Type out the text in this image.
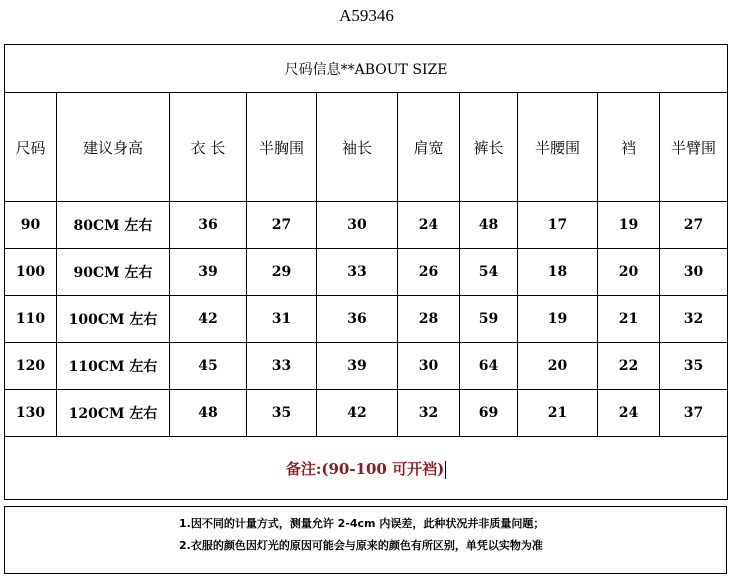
A59346
尺码信息**ABOUT SIZE									
尺码	建议身高	衣 长	半胸围	袖长	肩宽	裤长	半腰围	裆	半臂围
90	80CM 左右	36	27	30	24	48	17	19	27
100	90CM 左右	39	29	33	26	54	18	20	30
110	100CM 左右	42	31	36	28	59	19	21	32
120	110CM 左右	45	33	39	30	64	20	22	35
130	120CM 左右	48	35	42	32	69	21	24	37
备注:(90-100 可开裆)									
1.因不同的计量方式，测量允许 2-4cm 内误差，此种状况并非质量问题；
2.衣服的颜色因灯光的原因可能会与原来的颜色有所区别，单凭以实物为准
